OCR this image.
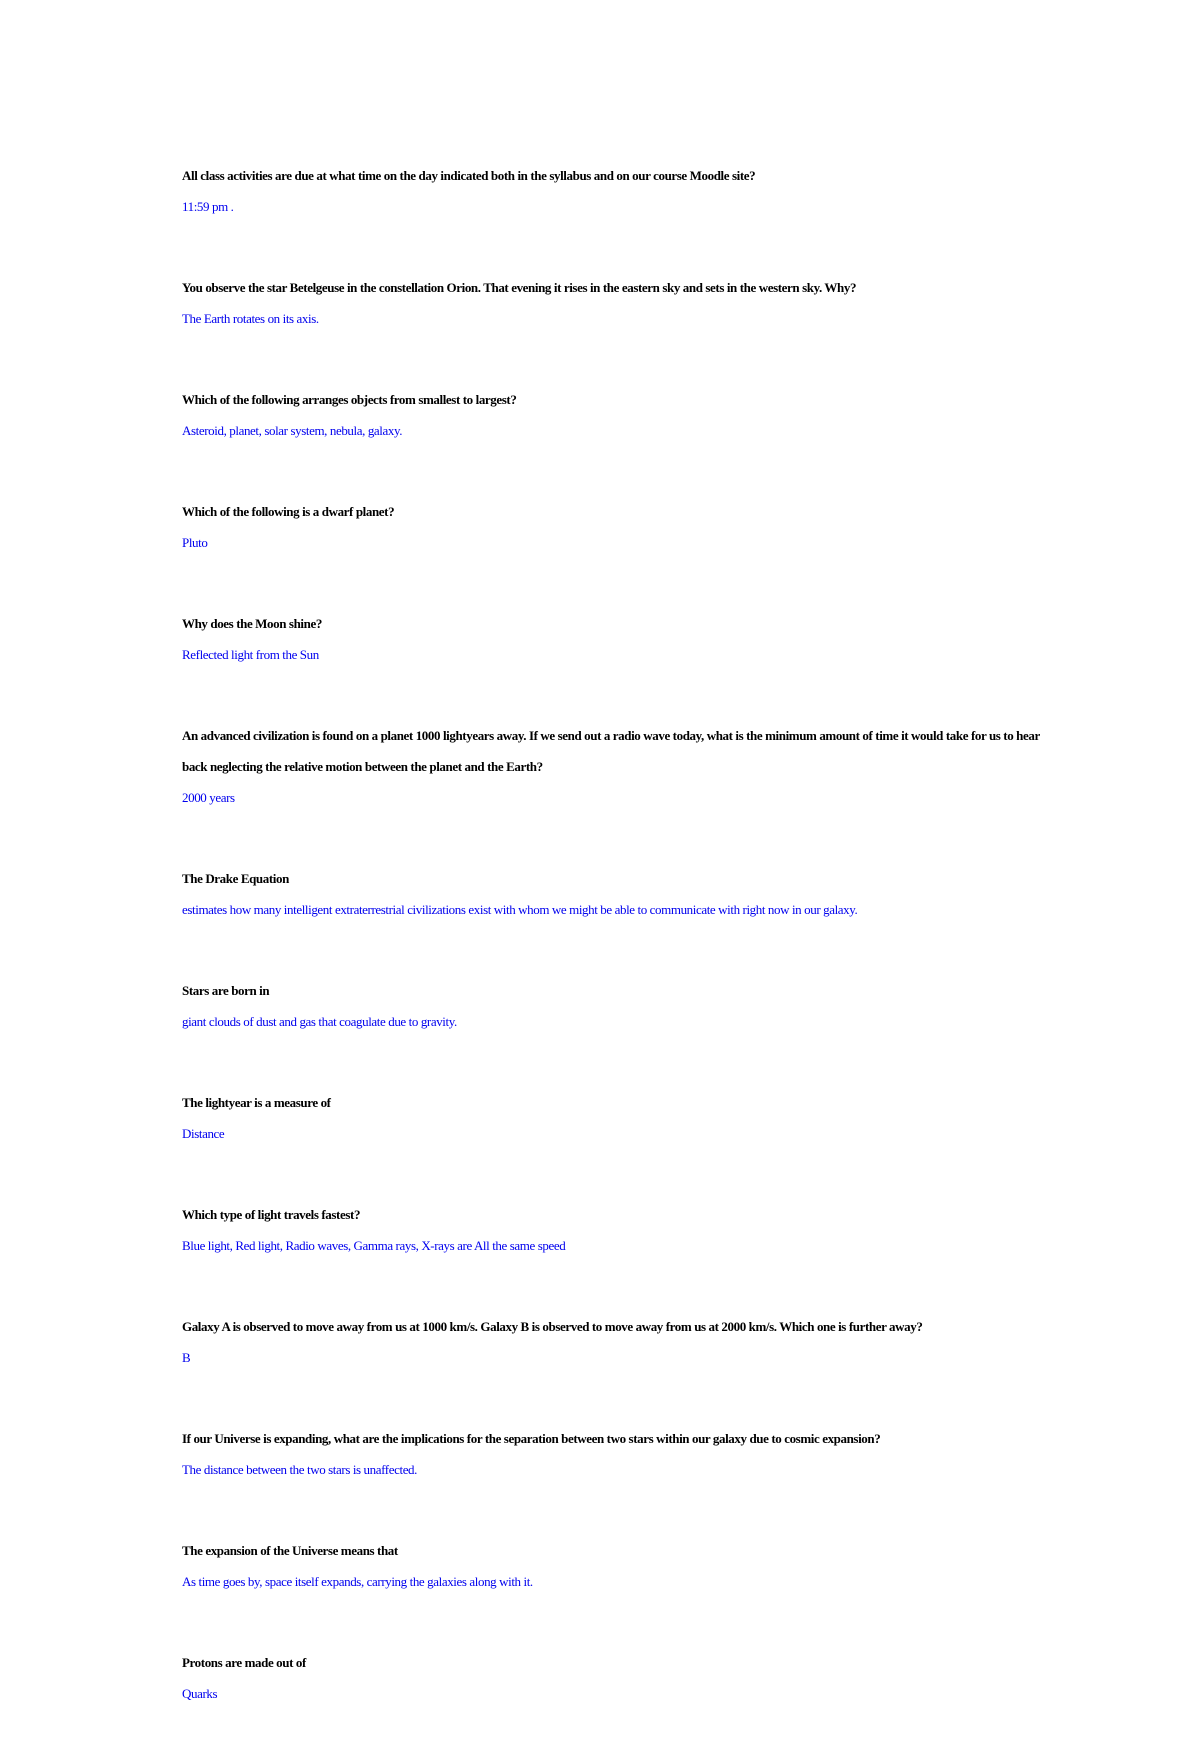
All class activities are due at what time on the day indicated both in the syllabus and on our course Moodle site?

11:59 pm .

You observe the star Betelgeuse in the constellation Orion. That evening it rises in the eastern sky and sets in the western sky. Why?

The Earth rotates on its axis.

Which of the following arranges objects from smallest to largest?

Asteroid, planet, solar system, nebula, galaxy.

Which of the following is a dwarf planet?

Pluto

Why does the Moon shine?

Reflected light from the Sun

An advanced civilization is found on a planet 1000 lightyears away. If we send out a radio wave today, what is the minimum amount of time it would take for us to hear back neglecting the relative motion between the planet and the Earth?

2000 years

The Drake Equation

estimates how many intelligent extraterrestrial civilizations exist with whom we might be able to communicate with right now in our galaxy.

Stars are born in

giant clouds of dust and gas that coagulate due to gravity.

The lightyear is a measure of

Distance

Which type of light travels fastest?

Blue light, Red light, Radio waves, Gamma rays, X-rays are All the same speed

Galaxy A is observed to move away from us at 1000 km/s. Galaxy B is observed to move away from us at 2000 km/s. Which one is further away?

B

If our Universe is expanding, what are the implications for the separation between two stars within our galaxy due to cosmic expansion?

The distance between the two stars is unaffected.

The expansion of the Universe means that

As time goes by, space itself expands, carrying the galaxies along with it.

Protons are made out of

Quarks
